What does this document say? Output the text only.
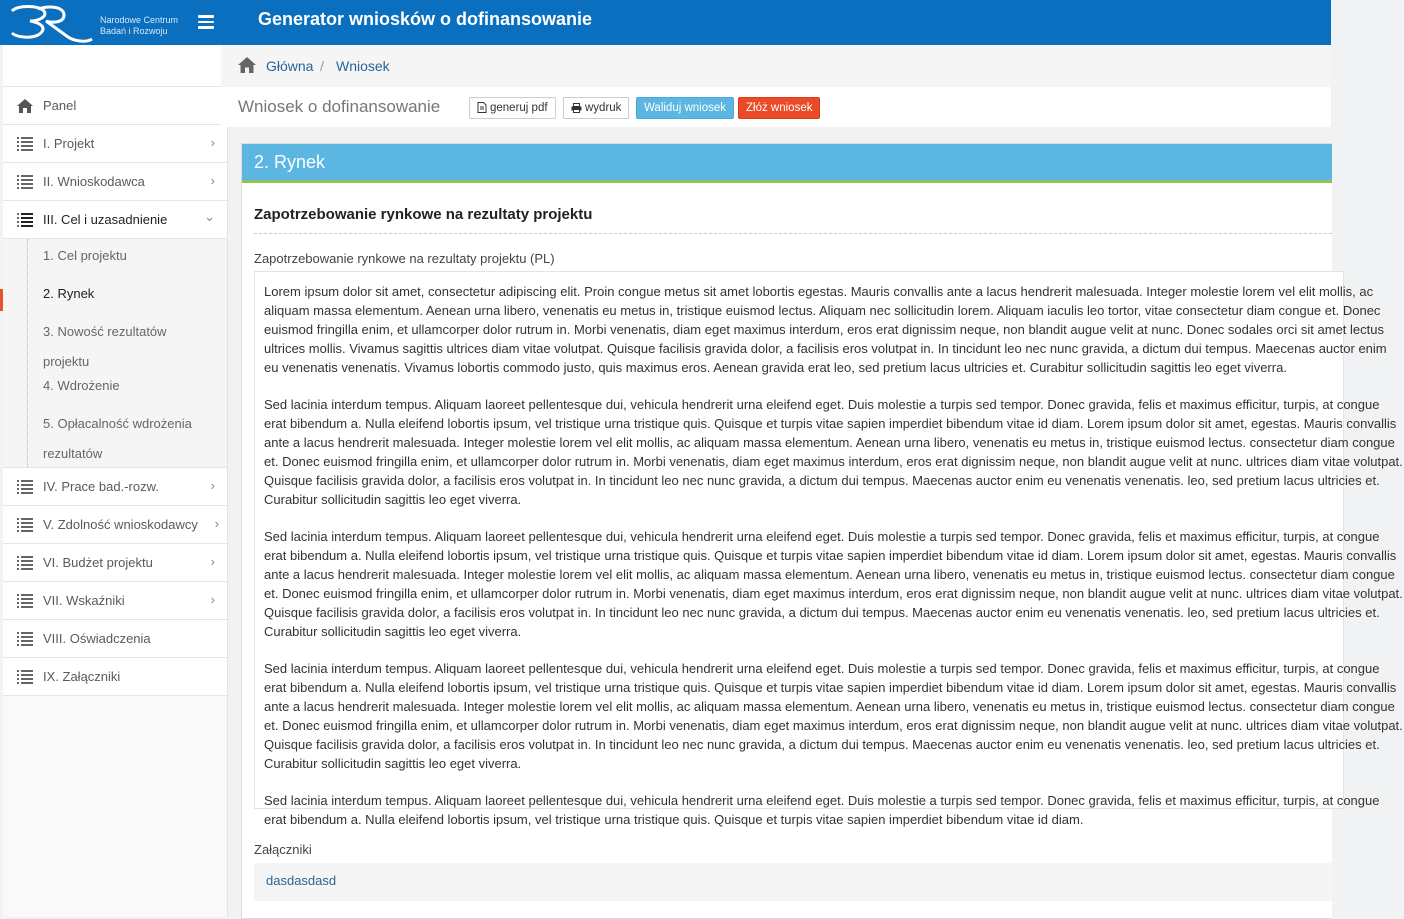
Narodowe Centrum
Badań i Rozwoju
Generator wniosków o dofinansowanie
Panel
I. Projekt	›
II. Wnioskodawca	›
III. Cel i uzasadnienie	⌄
1. Cel projektu
2. Rynek
3. Nowość rezultatów projektu
4. Wdrożenie
5. Opłacalność wdrożenia rezultatów
IV. Prace bad.-rozw.	›
V. Zdolność wnioskodawcy ›
VI. Budżet projektu	›
VII. Wskaźniki	›
VIII. Oświadczenia
IX. Załączniki
Główna / Wniosek
Wniosek o dofinansowanie	generuj pdf	wydruk	Waliduj wniosek	Złóż wniosek
2. Rynek
Zapotrzebowanie rynkowe na rezultaty projektu
Zapotrzebowanie rynkowe na rezultaty projektu (PL)

Lorem ipsum dolor sit amet, consectetur adipiscing elit. Proin congue metus sit amet lobortis egestas. Mauris convallis ante a lacus hendrerit malesuada. Integer molestie lorem vel elit mollis, ac aliquam massa elementum. Aenean urna libero, venenatis eu metus in, tristique euismod lectus. Aliquam nec sollicitudin lorem. Aliquam iaculis leo tortor, vitae consectetur diam congue et. Donec euismod fringilla enim, et ullamcorper dolor rutrum in. Morbi venenatis, diam eget maximus interdum, eros erat dignissim neque, non blandit augue velit at nunc. Donec sodales orci sit amet lectus ultrices mollis. Vivamus sagittis ultrices diam vitae volutpat. Quisque facilisis gravida dolor, a facilisis eros volutpat in. In tincidunt leo nec nunc gravida, a dictum dui tempus. Maecenas auctor enim eu venenatis venenatis. Vivamus lobortis commodo justo, quis maximus eros. Aenean gravida erat leo, sed pretium lacus ultricies et. Curabitur sollicitudin sagittis leo eget viverra.

Sed lacinia interdum tempus. Aliquam laoreet pellentesque dui, vehicula hendrerit urna eleifend eget. Duis molestie a turpis sed tempor. Donec gravida, felis et maximus efficitur, turpis, at congue erat bibendum a. Nulla eleifend lobortis ipsum, vel tristique urna tristique quis. Quisque et turpis vitae sapien imperdiet bibendum vitae id diam. Lorem ipsum dolor sit amet, egestas. Mauris convallis ante a lacus hendrerit malesuada. Integer molestie lorem vel elit mollis, ac aliquam massa elementum. Aenean urna libero, venenatis eu metus in, tristique euismod lectus. consectetur diam congue et. Donec euismod fringilla enim, et ullamcorper dolor rutrum in. Morbi venenatis, diam eget maximus interdum, eros erat dignissim neque, non blandit augue velit at nunc. ultrices diam vitae volutpat. Quisque facilisis gravida dolor, a facilisis eros volutpat in. In tincidunt leo nec nunc gravida, a dictum dui tempus. Maecenas auctor enim eu venenatis venenatis. leo, sed pretium lacus ultricies et. Curabitur sollicitudin sagittis leo eget viverra.

Sed lacinia interdum tempus. Aliquam laoreet pellentesque dui, vehicula hendrerit urna eleifend eget. Duis molestie a turpis sed tempor. Donec gravida, felis et maximus efficitur, turpis, at congue erat bibendum a. Nulla eleifend lobortis ipsum, vel tristique urna tristique quis. Quisque et turpis vitae sapien imperdiet bibendum vitae id diam. Lorem ipsum dolor sit amet, egestas. Mauris convallis ante a lacus hendrerit malesuada. Integer molestie lorem vel elit mollis, ac aliquam massa elementum. Aenean urna libero, venenatis eu metus in, tristique euismod lectus. consectetur diam congue et. Donec euismod fringilla enim, et ullamcorper dolor rutrum in. Morbi venenatis, diam eget maximus interdum, eros erat dignissim neque, non blandit augue velit at nunc. ultrices diam vitae volutpat. Quisque facilisis gravida dolor, a facilisis eros volutpat in. In tincidunt leo nec nunc gravida, a dictum dui tempus. Maecenas auctor enim eu venenatis venenatis. leo, sed pretium lacus ultricies et. Curabitur sollicitudin sagittis leo eget viverra.

Sed lacinia interdum tempus. Aliquam laoreet pellentesque dui, vehicula hendrerit urna eleifend eget. Duis molestie a turpis sed tempor. Donec gravida, felis et maximus efficitur, turpis, at congue erat bibendum a. Nulla eleifend lobortis ipsum, vel tristique urna tristique quis. Quisque et turpis vitae sapien imperdiet bibendum vitae id diam. Lorem ipsum dolor sit amet, egestas. Mauris convallis ante a lacus hendrerit malesuada. Integer molestie lorem vel elit mollis, ac aliquam massa elementum. Aenean urna libero, venenatis eu metus in, tristique euismod lectus. consectetur diam congue et. Donec euismod fringilla enim, et ullamcorper dolor rutrum in. Morbi venenatis, diam eget maximus interdum, eros erat dignissim neque, non blandit augue velit at nunc. ultrices diam vitae volutpat. Quisque facilisis gravida dolor, a facilisis eros volutpat in. In tincidunt leo nec nunc gravida, a dictum dui tempus. Maecenas auctor enim eu venenatis venenatis. leo, sed pretium lacus ultricies et. Curabitur sollicitudin sagittis leo eget viverra.

Sed lacinia interdum tempus. Aliquam laoreet pellentesque dui, vehicula hendrerit urna eleifend eget. Duis molestie a turpis sed tempor. Donec gravida, felis et maximus efficitur, turpis, at congue erat bibendum a. Nulla eleifend lobortis ipsum, vel tristique urna tristique quis. Quisque et turpis vitae sapien imperdiet bibendum vitae id diam.

Załączniki
dasdasdasd
